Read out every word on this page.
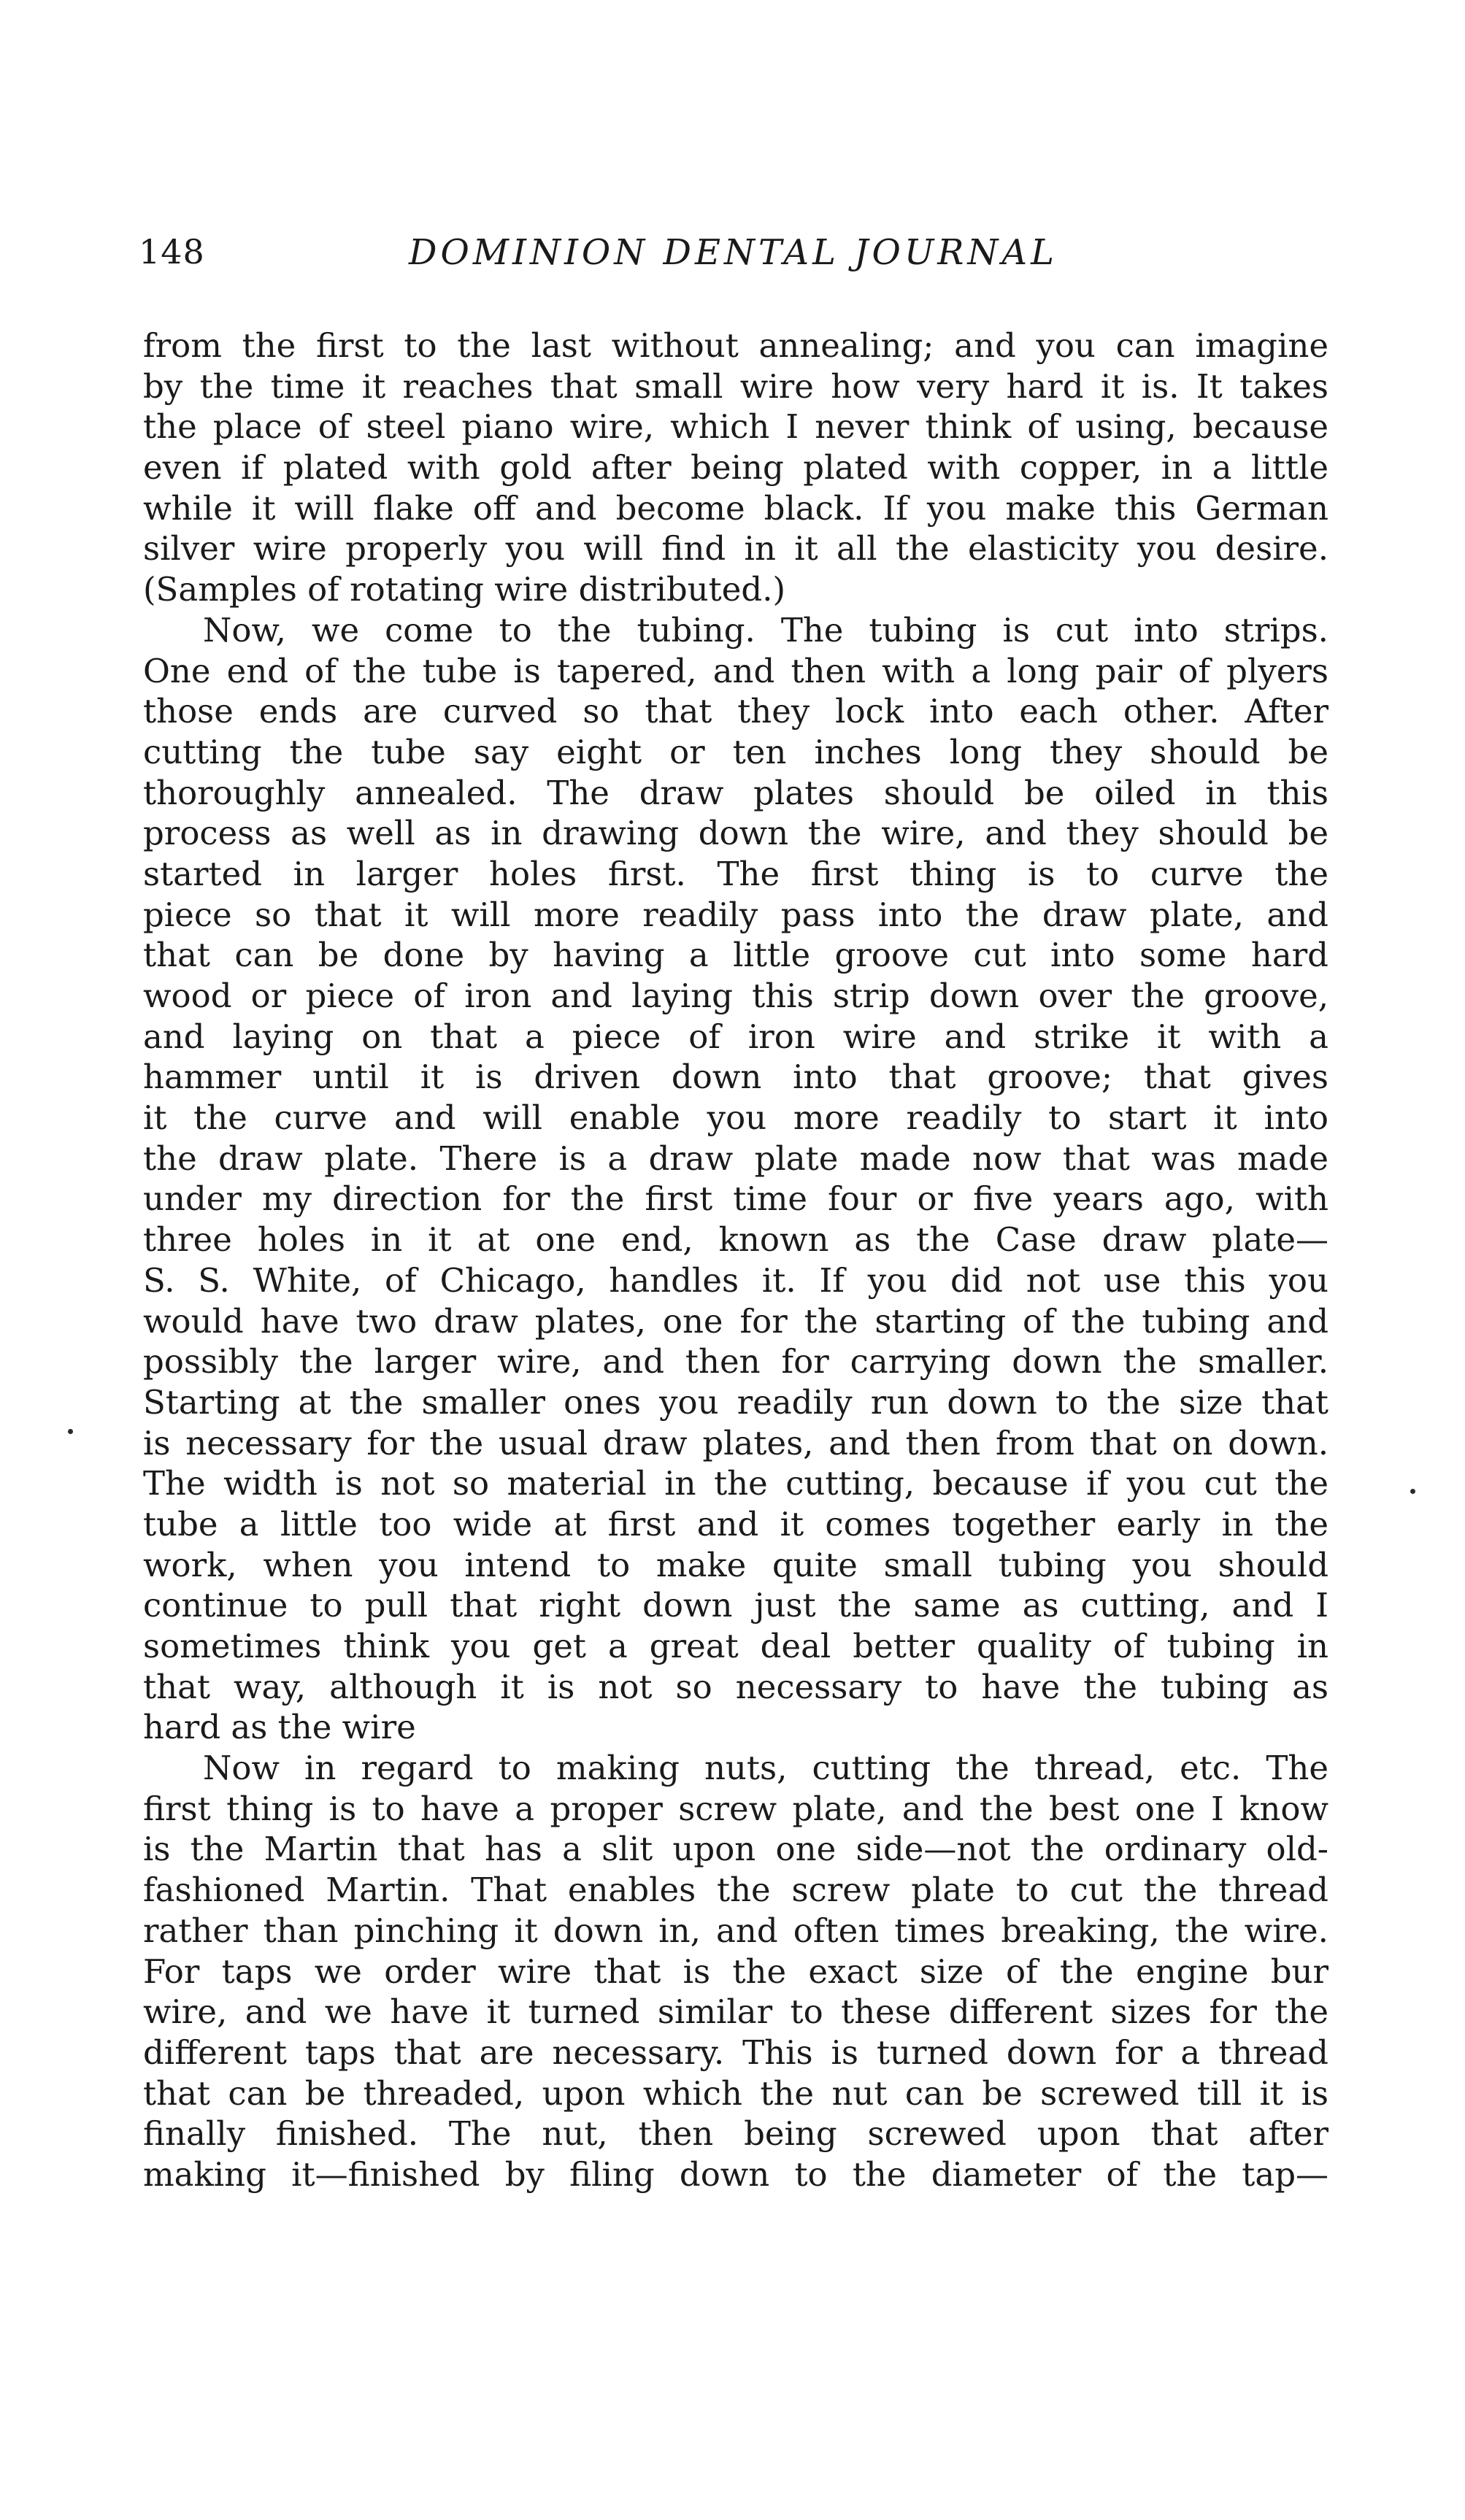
148	DOMINION DENTAL JOURNAL

from the first to the last without annealing; and you can imagine
by the time it reaches that small wire how very hard it is. It takes
the place of steel piano wire, which I never think of using, because
even if plated with gold after being plated with copper, in a little
while it will flake off and become black. If you make this German
silver wire properly you will find in it all the elasticity you desire.
(Samples of rotating wire distributed.)

Now, we come to the tubing. The tubing is cut into strips.
One end of the tube is tapered, and then with a long pair of plyers
those ends are curved so that they lock into each other. After
cutting the tube say eight or ten inches long they should be
thoroughly annealed. The draw plates should be oiled in this
process as well as in drawing down the wire, and they should be
started in larger holes first. The first thing is to curve the
piece so that it will more readily pass into the draw plate, and
that can be done by having a little groove cut into some hard
wood or piece of iron and laying this strip down over the groove,
and laying on that a piece of iron wire and strike it with a
hammer until it is driven down into that groove; that gives
it the curve and will enable you more readily to start it into
the draw plate. There is a draw plate made now that was made
under my direction for the first time four or five years ago, with
three holes in it at one end, known as the Case draw plate—
S. S. White, of Chicago, handles it. If you did not use this you
would have two draw plates, one for the starting of the tubing and
possibly the larger wire, and then for carrying down the smaller.
Starting at the smaller ones you readily run down to the size that
is necessary for the usual draw plates, and then from that on down.
The width is not so material in the cutting, because if you cut the
tube a little too wide at first and it comes together early in the
work, when you intend to make quite small tubing you should
continue to pull that right down just the same as cutting, and I
sometimes think you get a great deal better quality of tubing in
that way, although it is not so necessary to have the tubing as
hard as the wire

Now in regard to making nuts, cutting the thread, etc. The
first thing is to have a proper screw plate, and the best one I know
is the Martin that has a slit upon one side—not the ordinary old-
fashioned Martin. That enables the screw plate to cut the thread
rather than pinching it down in, and often times breaking, the wire.
For taps we order wire that is the exact size of the engine bur
wire, and we have it turned similar to these different sizes for the
different taps that are necessary. This is turned down for a thread
that can be threaded, upon which the nut can be screwed till it is
finally finished. The nut, then being screwed upon that after
making it—finished by filing down to the diameter of the tap—
